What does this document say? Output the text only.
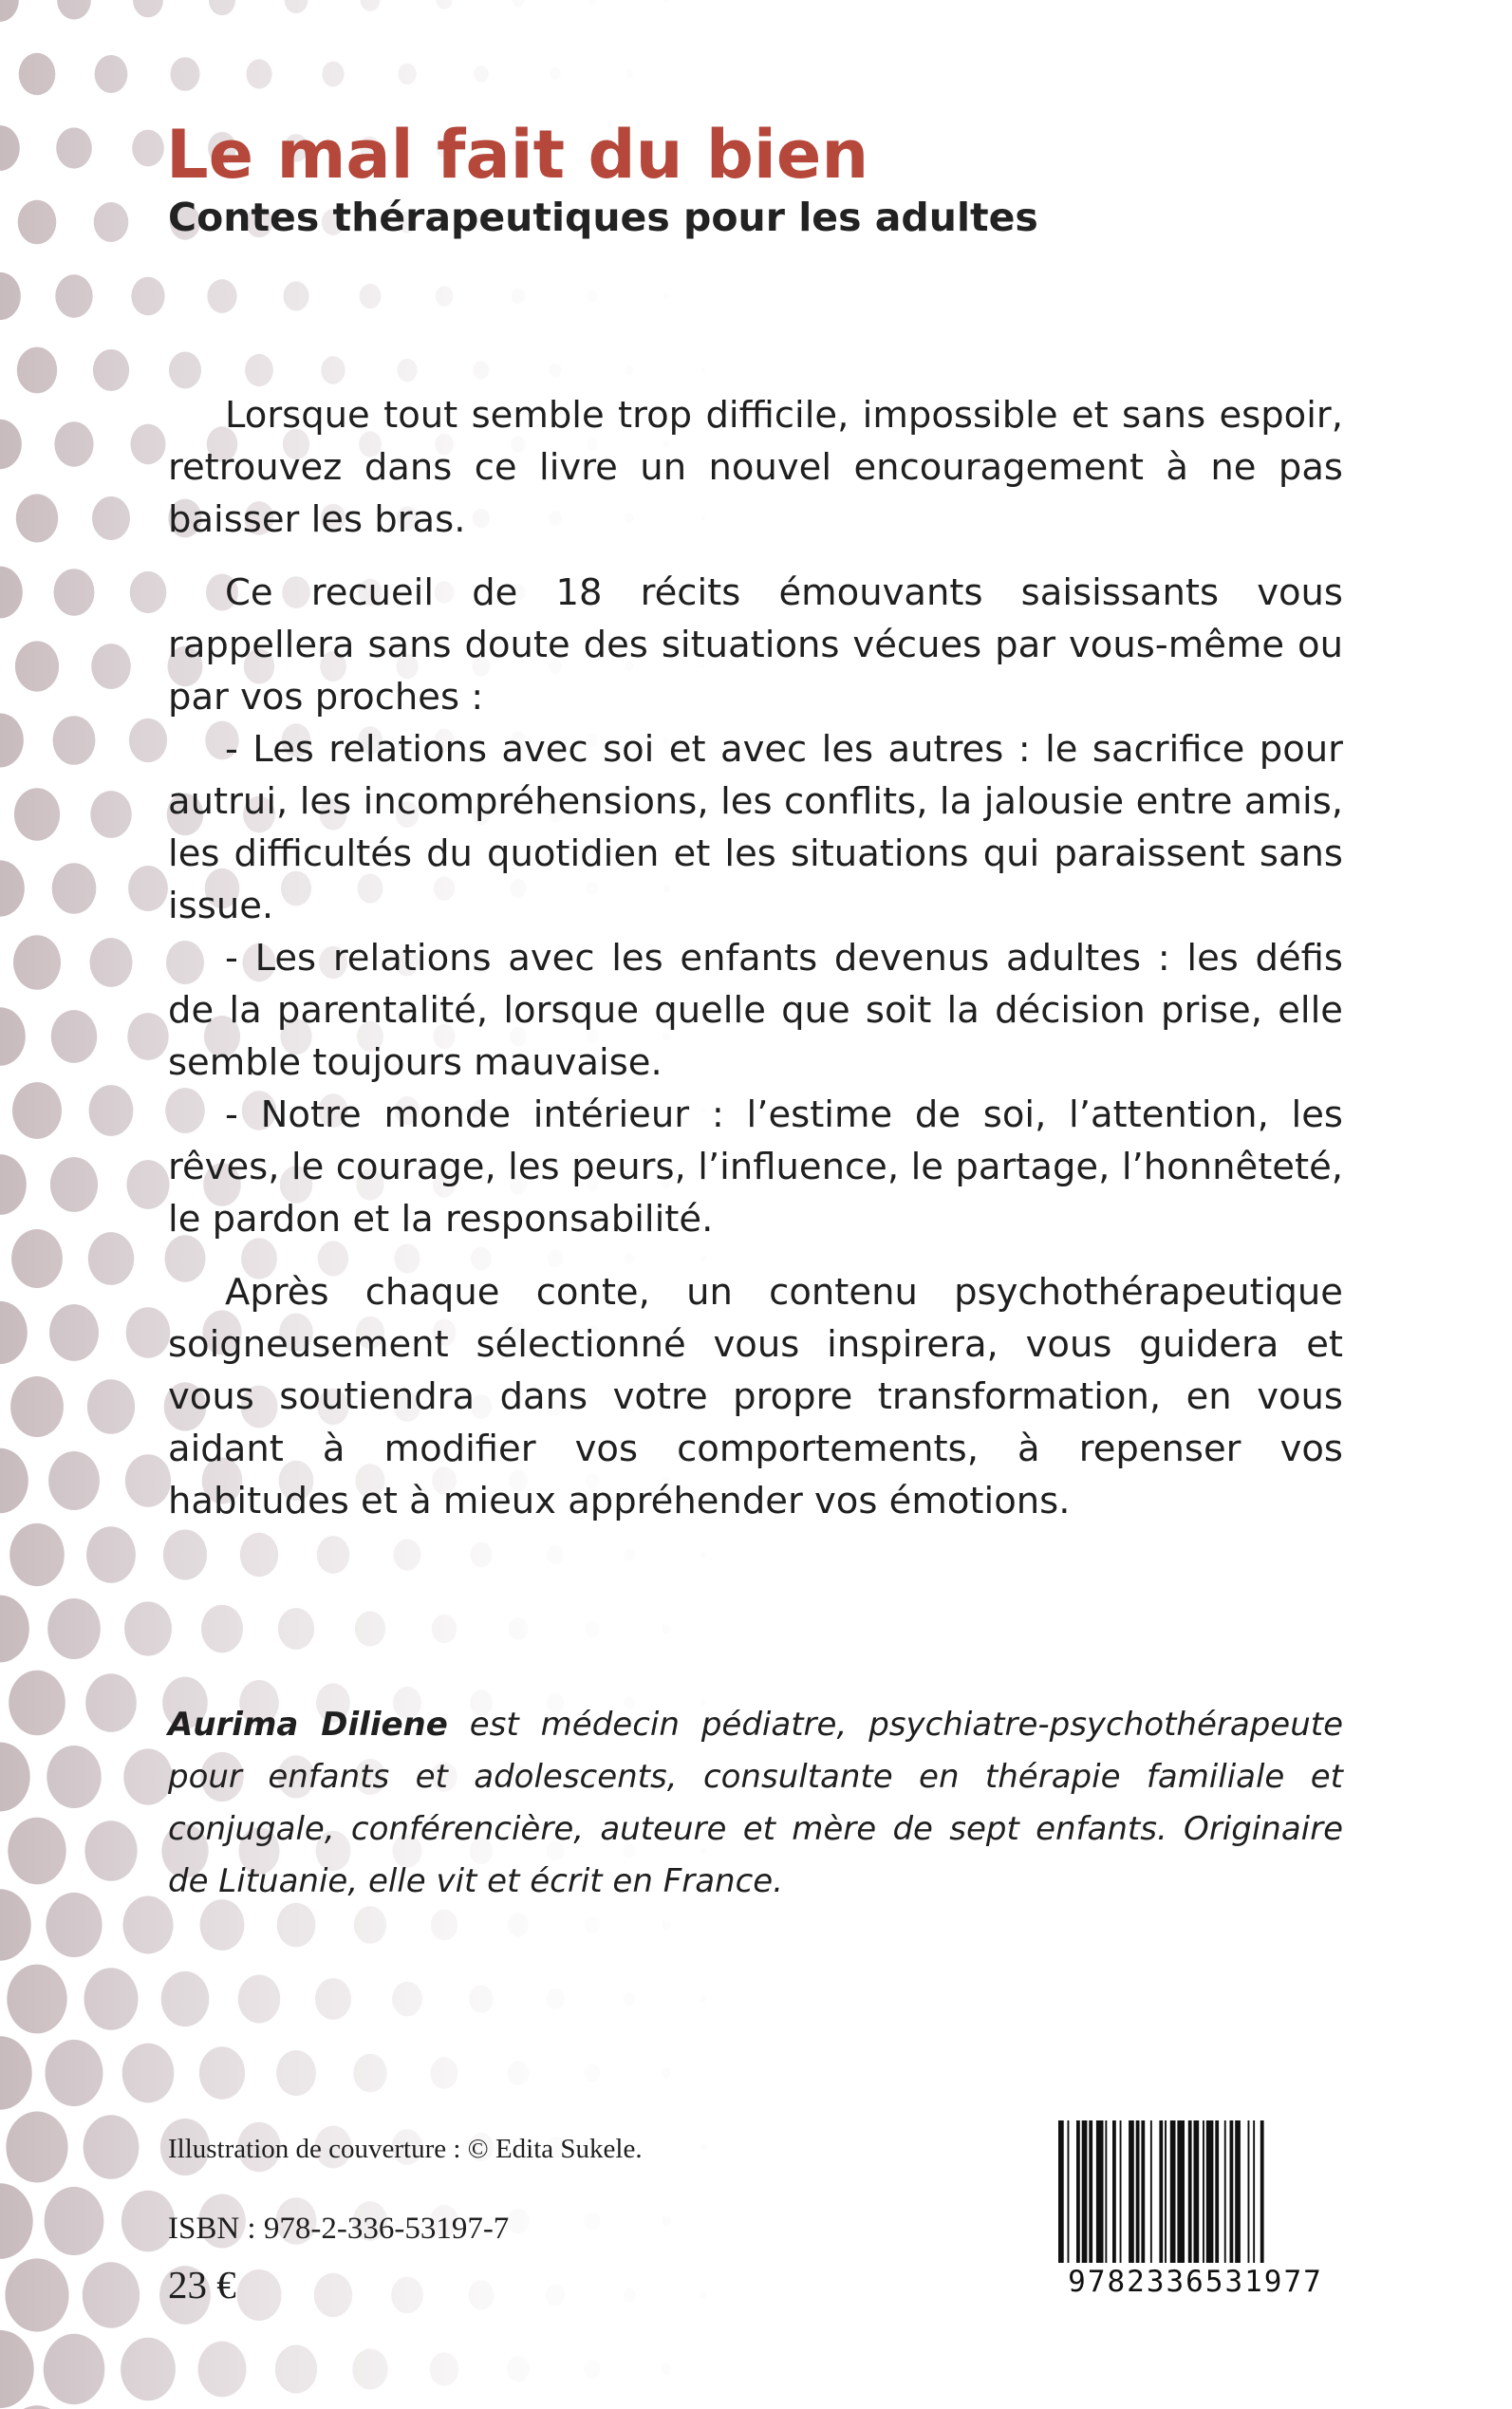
Le mal fait du bien
Contes thérapeutiques pour les adultes

Lorsque tout semble trop difficile, impossible et sans espoir, retrouvez dans ce livre un nouvel encouragement à ne pas baisser les bras.

Ce recueil de 18 récits émouvants saisissants vous rappellera sans doute des situations vécues par vous-même ou par vos proches :

- Les relations avec soi et avec les autres : le sacrifice pour autrui, les incompréhensions, les conflits, la jalousie entre amis, les difficultés du quotidien et les situations qui paraissent sans issue.

- Les relations avec les enfants devenus adultes : les défis de la parentalité, lorsque quelle que soit la décision prise, elle semble toujours mauvaise.

- Notre monde intérieur : l’estime de soi, l’attention, les rêves, le courage, les peurs, l’influence, le partage, l’honnêteté, le pardon et la responsabilité.

Après chaque conte, un contenu psychothérapeutique soigneusement sélectionné vous inspirera, vous guidera et vous soutiendra dans votre propre transformation, en vous aidant à modifier vos comportements, à repenser vos habitudes et à mieux appréhender vos émotions.

Aurima Diliene est médecin pédiatre, psychiatre-psychothérapeute pour enfants et adolescents, consultante en thérapie familiale et conjugale, conférencière, auteure et mère de sept enfants. Originaire de Lituanie, elle vit et écrit en France.
Illustration de couverture : © Edita Sukele.
ISBN : 978-2-336-53197-7
23 €	9782336531977
